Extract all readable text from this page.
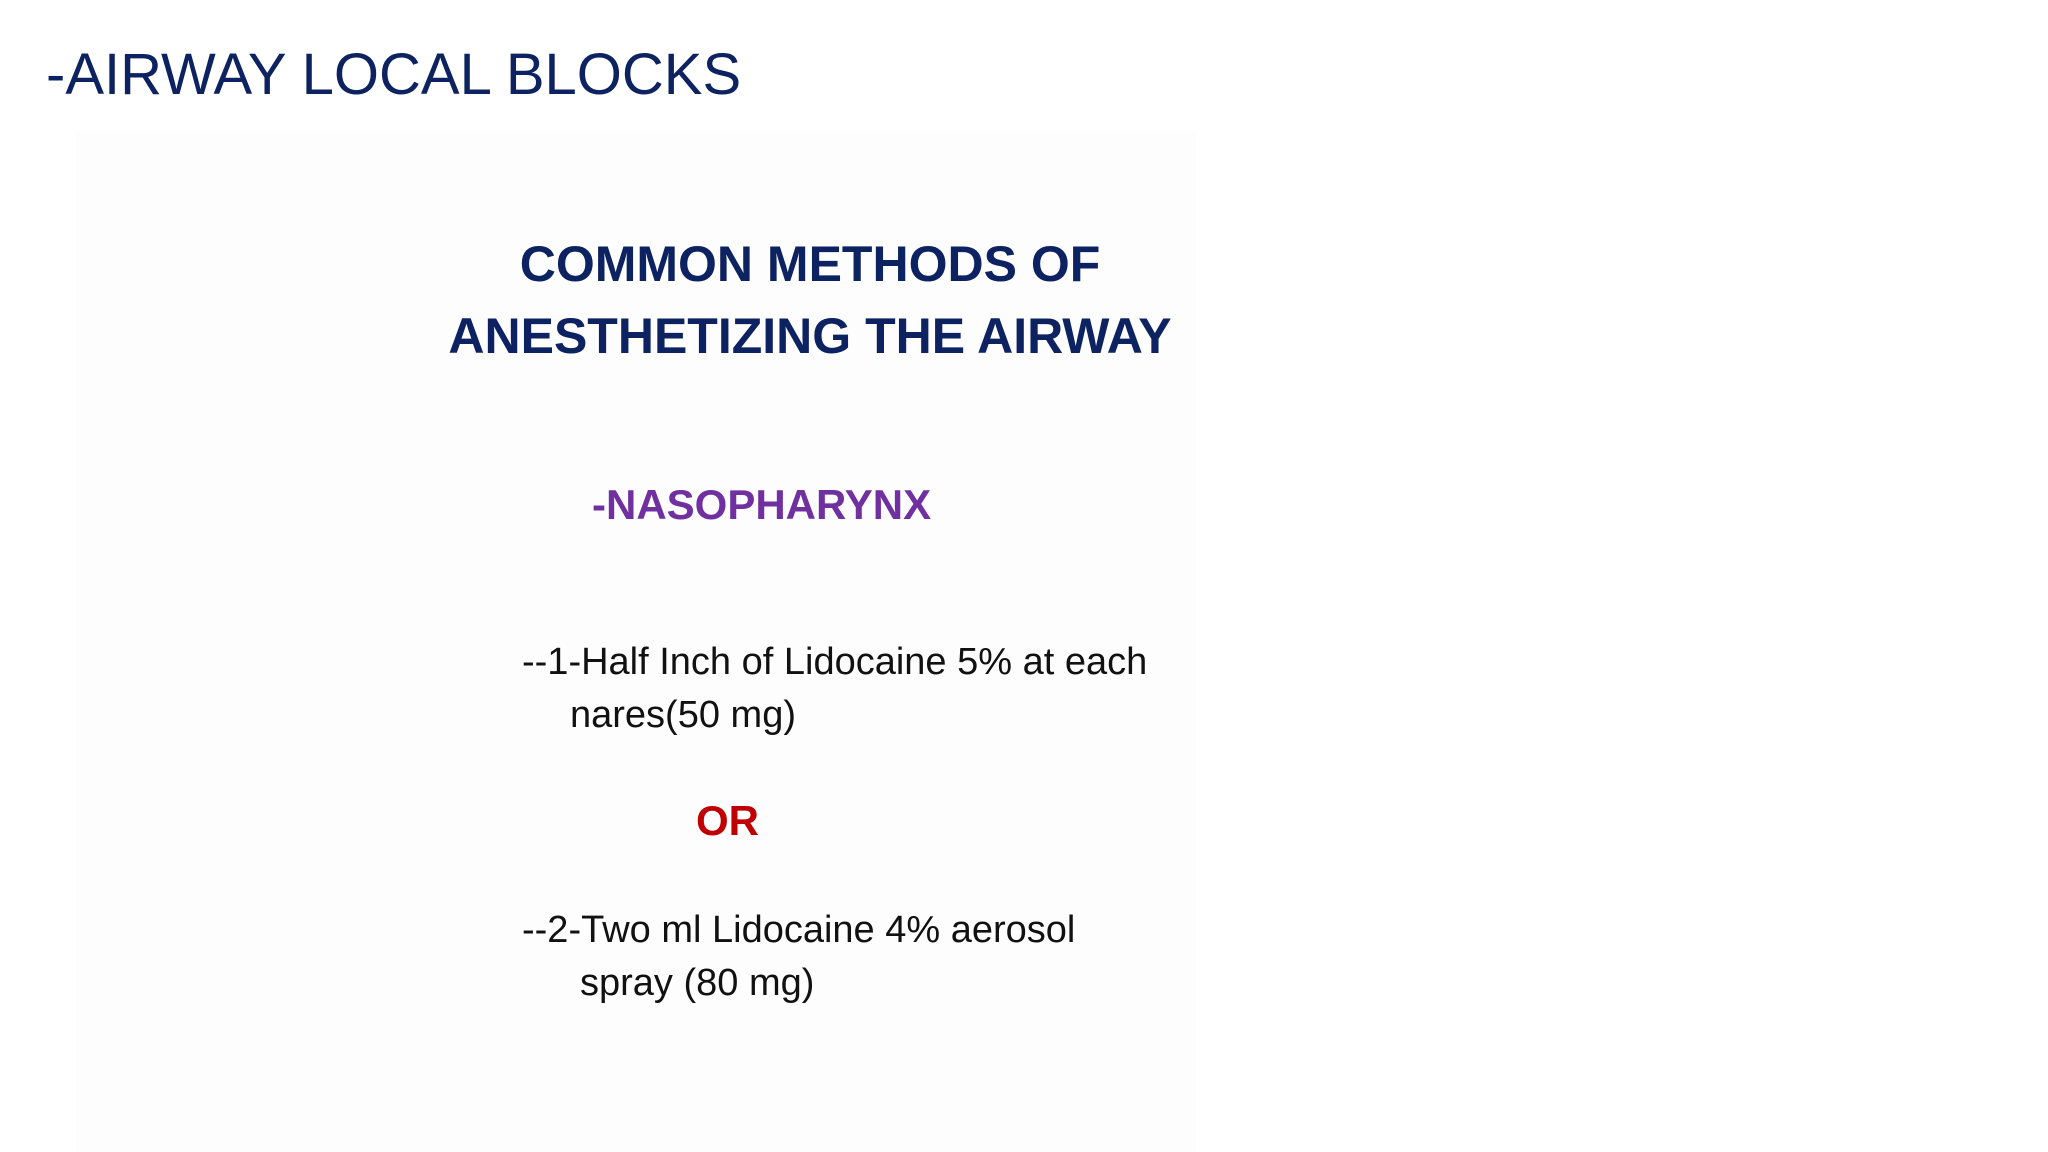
-AIRWAY LOCAL BLOCKS
COMMON METHODS OF
ANESTHETIZING THE AIRWAY
-NASOPHARYNX

--1-Half Inch of Lidocaine 5% at each
nares(50 mg)

OR

--2-Two ml Lidocaine 4% aerosol
spray (80 mg)
